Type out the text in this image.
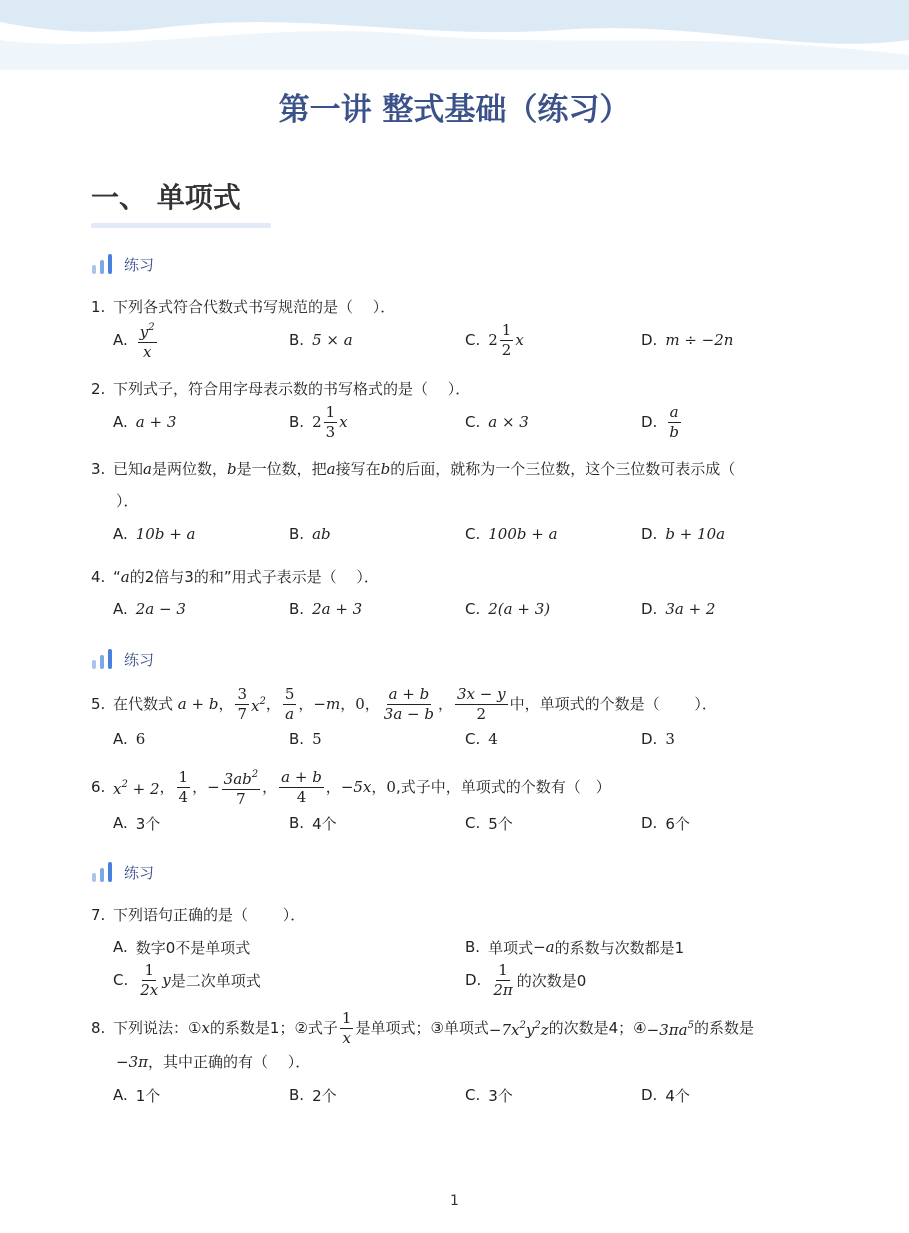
第一讲 整式基础（练习）
一、 单项式
练习
1. 下列各式符合代数式书写规范的是（　 ）．
A. $\frac{y^2}{x}$	B. 5 × a	C. $2 \frac{1}{2}$ x	D. m ÷ −2n
2. 下列式子，符合用字母表示数的书写格式的是（　 ）．
A. a + 3	B. $2 \frac{1}{3}$ x	C. a × 3	D. $\frac{a}{b}$
3. 已知a是两位数，b是一位数，把a接写在b的后面，就称为一个三位数，这个三位数可表示成（
）．
A. 10b + a	B. ab	C. 100b + a	D. b + 10a
4. “a的2倍与3的和”用式子表示是（　 ）．
A. 2a − 3	B. 2a + 3	C. 2(a + 3)	D. 3a + 2
练习
5. 在代数式 a + b ， $\frac{3}{7} x^2$ ， $\frac{5}{a}$ ， −m ， 0 ， $\frac{a + b}{3a - b}$ ， $\frac{3x - y}{2}$ 中，单项式的个数是（　　 ）．
A. 6	B. 5	C. 4	D. 3
6. $x^2 + 2$ ， $\frac{1}{4}$ ， − $\frac{3ab^2}{7}$ ， $\frac{a + b}{4}$ ， −5x ， 0 ,式子中，单项式的个数有（　）
A. 3个	B. 4个	C. 5个	D. 6个
练习
7. 下列语句正确的是（　　 ）．
A. 数字0不是单项式	B. 单项式 −a 的系数与次数都是1
C. $\frac{1}{2x}$ y 是二次单项式	D. $\frac{1}{2\pi}$ 的次数是0
8. 下列说法：① x 的系数是1；②式子 $\frac{1}{x}$ 是单项式；③单项式 $-7x^2y^2z$ 的次数是4；④ $-3\pi a^5$ 的系数是
−3π，其中正确的有（　 ）．
A. 1个	B. 2个	C. 3个	D. 4个
1
